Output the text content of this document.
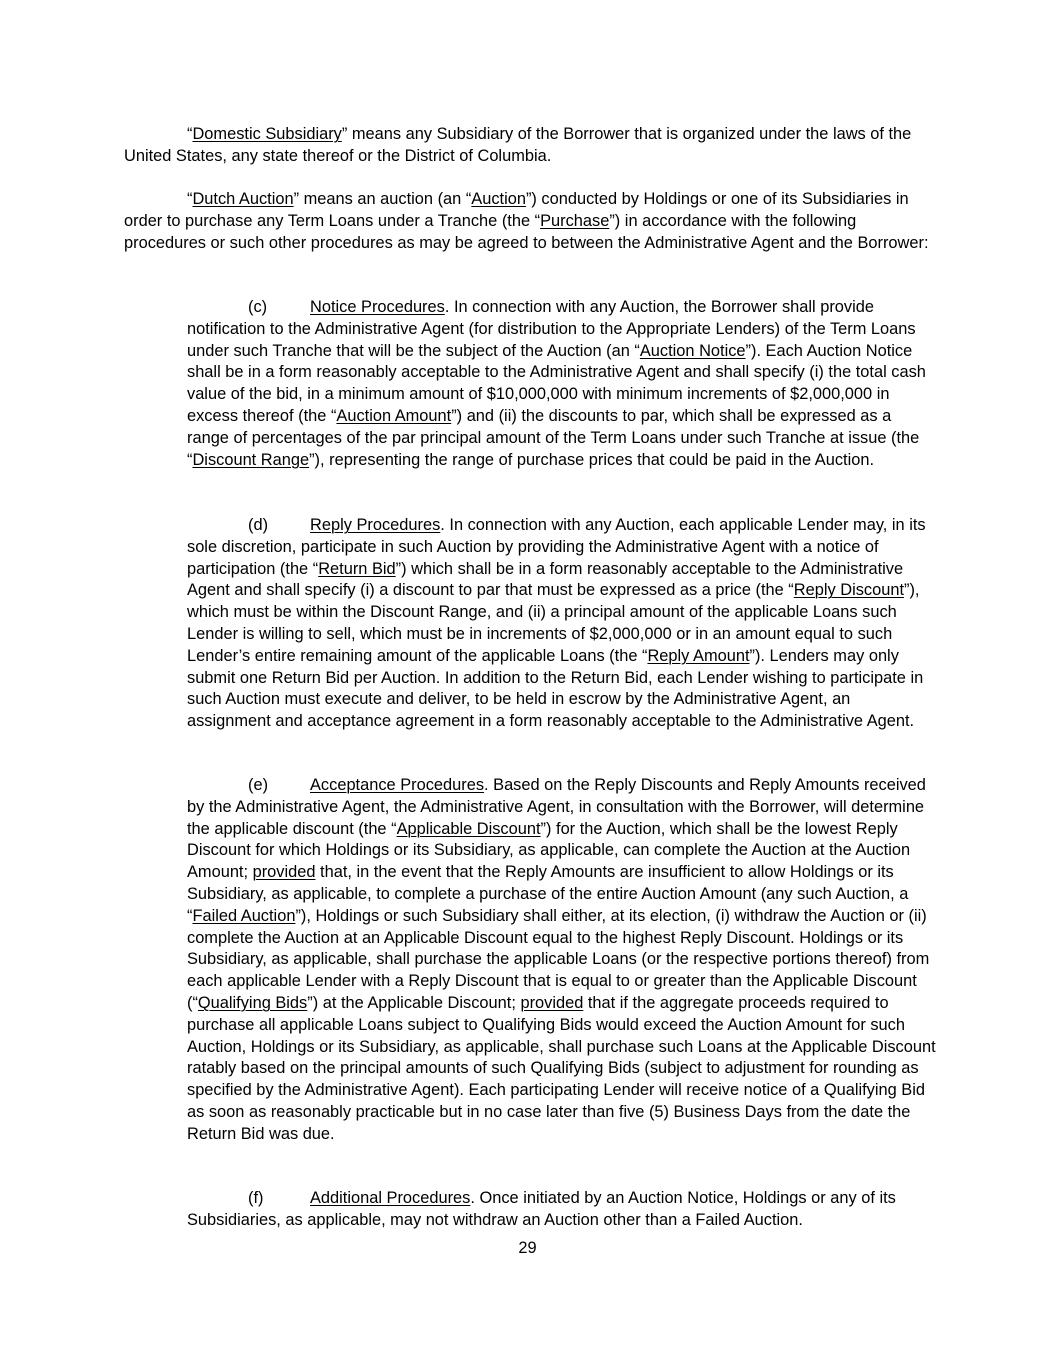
“Domestic Subsidiary” means any Subsidiary of the Borrower that is organized under the laws of the United States, any state thereof or the District of Columbia.

“Dutch Auction” means an auction (an “Auction”) conducted by Holdings or one of its Subsidiaries in order to purchase any Term Loans under a Tranche (the “Purchase”) in accordance with the following procedures or such other procedures as may be agreed to between the Administrative Agent and the Borrower:

(c)	Notice Procedures. In connection with any Auction, the Borrower shall provide notification to the Administrative Agent (for distribution to the Appropriate Lenders) of the Term Loans under such Tranche that will be the subject of the Auction (an “Auction Notice”). Each Auction Notice shall be in a form reasonably acceptable to the Administrative Agent and shall specify (i) the total cash value of the bid, in a minimum amount of $10,000,000 with minimum increments of $2,000,000 in excess thereof (the “Auction Amount”) and (ii) the discounts to par, which shall be expressed as a range of percentages of the par principal amount of the Term Loans under such Tranche at issue (the “Discount Range”), representing the range of purchase prices that could be paid in the Auction.

(d)	Reply Procedures. In connection with any Auction, each applicable Lender may, in its sole discretion, participate in such Auction by providing the Administrative Agent with a notice of participation (the “Return Bid”) which shall be in a form reasonably acceptable to the Administrative Agent and shall specify (i) a discount to par that must be expressed as a price (the “Reply Discount”), which must be within the Discount Range, and (ii) a principal amount of the applicable Loans such Lender is willing to sell, which must be in increments of $2,000,000 or in an amount equal to such Lender’s entire remaining amount of the applicable Loans (the “Reply Amount”). Lenders may only submit one Return Bid per Auction. In addition to the Return Bid, each Lender wishing to participate in such Auction must execute and deliver, to be held in escrow by the Administrative Agent, an assignment and acceptance agreement in a form reasonably acceptable to the Administrative Agent.

(e)	Acceptance Procedures. Based on the Reply Discounts and Reply Amounts received by the Administrative Agent, the Administrative Agent, in consultation with the Borrower, will determine the applicable discount (the “Applicable Discount”) for the Auction, which shall be the lowest Reply Discount for which Holdings or its Subsidiary, as applicable, can complete the Auction at the Auction Amount; provided that, in the event that the Reply Amounts are insufficient to allow Holdings or its Subsidiary, as applicable, to complete a purchase of the entire Auction Amount (any such Auction, a “Failed Auction”), Holdings or such Subsidiary shall either, at its election, (i) withdraw the Auction or (ii) complete the Auction at an Applicable Discount equal to the highest Reply Discount. Holdings or its Subsidiary, as applicable, shall purchase the applicable Loans (or the respective portions thereof) from each applicable Lender with a Reply Discount that is equal to or greater than the Applicable Discount (“Qualifying Bids”) at the Applicable Discount; provided that if the aggregate proceeds required to purchase all applicable Loans subject to Qualifying Bids would exceed the Auction Amount for such Auction, Holdings or its Subsidiary, as applicable, shall purchase such Loans at the Applicable Discount ratably based on the principal amounts of such Qualifying Bids (subject to adjustment for rounding as specified by the Administrative Agent). Each participating Lender will receive notice of a Qualifying Bid as soon as reasonably practicable but in no case later than five (5) Business Days from the date the Return Bid was due.

(f)	Additional Procedures. Once initiated by an Auction Notice, Holdings or any of its Subsidiaries, as applicable, may not withdraw an Auction other than a Failed Auction.

29
